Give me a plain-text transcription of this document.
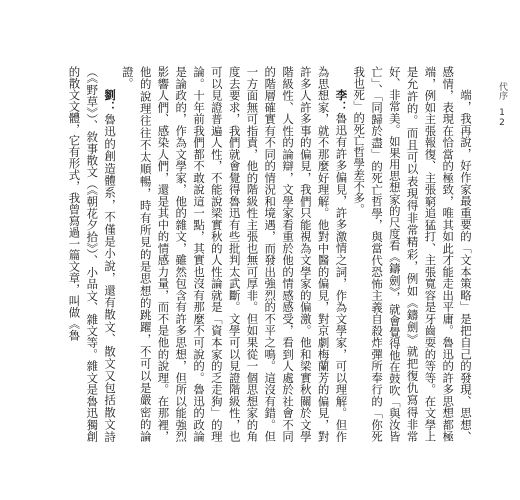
端，我再說，好作家最重要的「文本策略」是把自己的發現、思想、感情，表現在恰當的極致，唯其如此才能走出平庸。魯迅的許多思想都極端，例如主張報復、主張窮追猛打、主張寬容是牙齒耍的等等。在文學上是允許的。而且可以表現得非常精彩，例如《鑄劍》就把復仇寫得非常好、非常美。如果用思想家的尺度看《鑄劍》，就會覺得他在鼓吹「與汝皆亡」、「同歸於盡」的死亡哲學，與當代恐怖主義自殺炸彈所奉行的「你死我也死」的死亡哲學差不多。

李：魯迅有許多偏見，許多激情之詞，作為文學家，可以理解。但作為思想家，就不那麼好理解。他對中醫的偏見，對京劇梅蘭芳的偏見，對許多人許多事的偏見，我們只能視為文學家的偏激。他和梁實秋關於文學階級性、人性的論辯，文學家看重於他的情感感受，看到人處於社會不同的階層確實有不同的情況和境遇，而發出強烈的不平之鳴。這沒有錯。但一方面無可指責，他的階級性主張也無可厚非。但如果從一個思想家的角度去要求，我們就會覺得魯迅有些批判太武斷。文學可以見證階級性，也可以見證普遍人性，不能說梁實秋的人性論就是「資本家的乏走狗」的理論。十年前我們都不敢說這一點，其實也沒有那麼不可說的。魯迅的政論是論政的，作為文學家，他的雜文，雖然包含有許多思想，但所以能強烈影響人們、感染人們，還是其中的情感力量，而不是他的說理。在那裡，他的說理往往不太順暢，時有所見的是思想的跳躍，不可以是嚴密的論證。

劉：魯迅的創造體系，不僅是小說，還有散文、散文又包括散文詩（《野草》）、敘事散文（《朝花夕拾》）、小品文、雜文等。雜文是魯迅獨創的散文文體，它有形式，我曾寫過一篇文章，叫做《魯	代序
12
